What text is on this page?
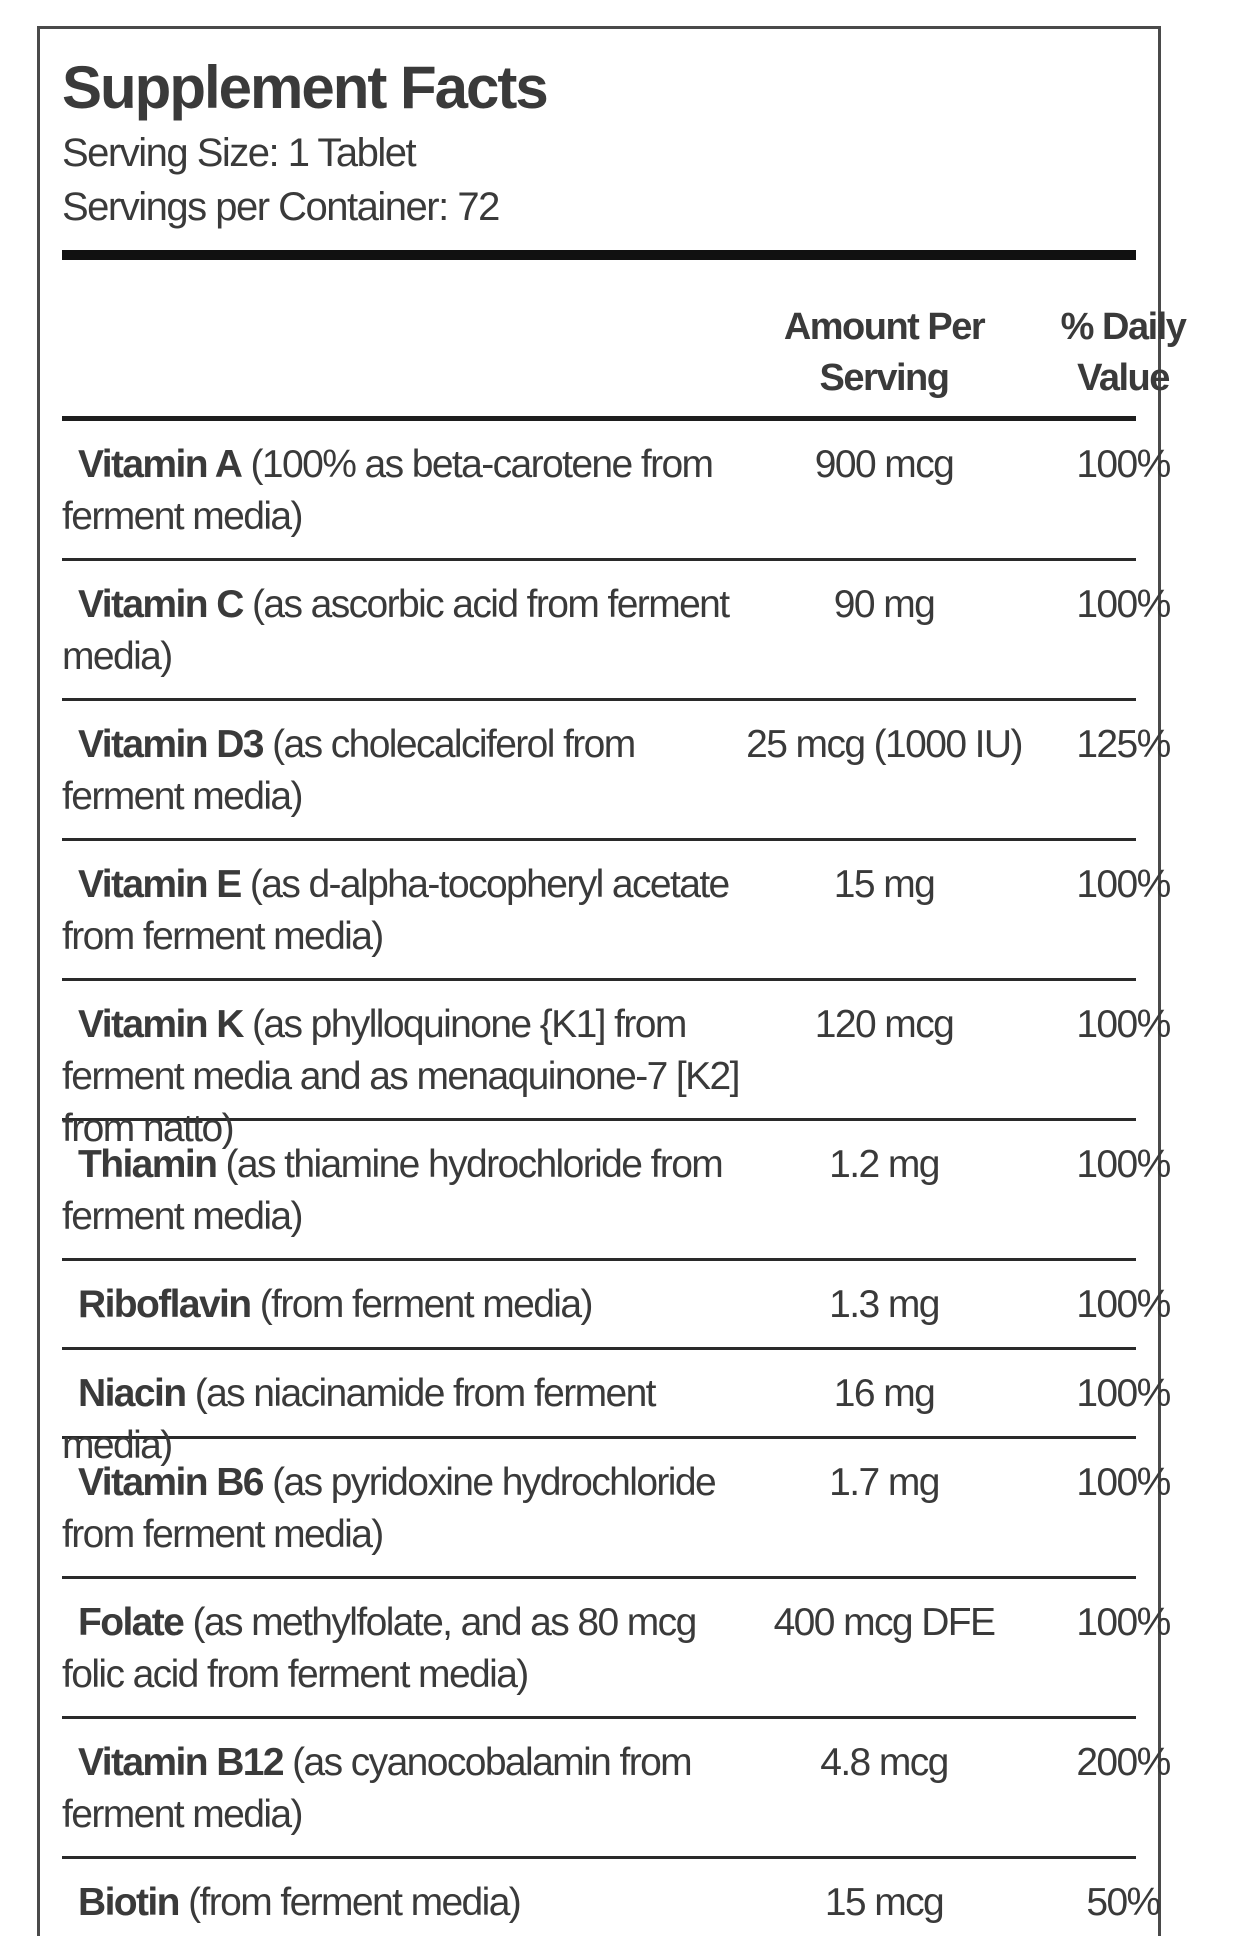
Supplement Facts
Serving Size: 1 Tablet
Servings per Container: 72
Amount Per
Serving
% Daily
Value
Vitamin A (100% as beta-carotene from ferment media)
900 mcg	100%
Vitamin C (as ascorbic acid from ferment media)
90 mg	100%
Vitamin D3 (as cholecalciferol from ferment media)
25 mcg (1000 IU)	125%
Vitamin E (as d-alpha-tocopheryl acetate from ferment media)
15 mg	100%
Vitamin K (as phylloquinone {K1] from ferment media and as menaquinone-7 [K2] from natto)
120 mcg	100%
Thiamin (as thiamine hydrochloride from ferment media)
1.2 mg	100%
Riboflavin (from ferment media)	1.3 mg	100%
Niacin (as niacinamide from ferment media)
16 mg	100%
Vitamin B6 (as pyridoxine hydrochloride from ferment media)
1.7 mg	100%
Folate (as methylfolate, and as 80 mcg folic acid from ferment media)
400 mcg DFE	100%
Vitamin B12 (as cyanocobalamin from ferment media)
4.8 mcg	200%
Biotin (from ferment media)	15 mcg	50%
